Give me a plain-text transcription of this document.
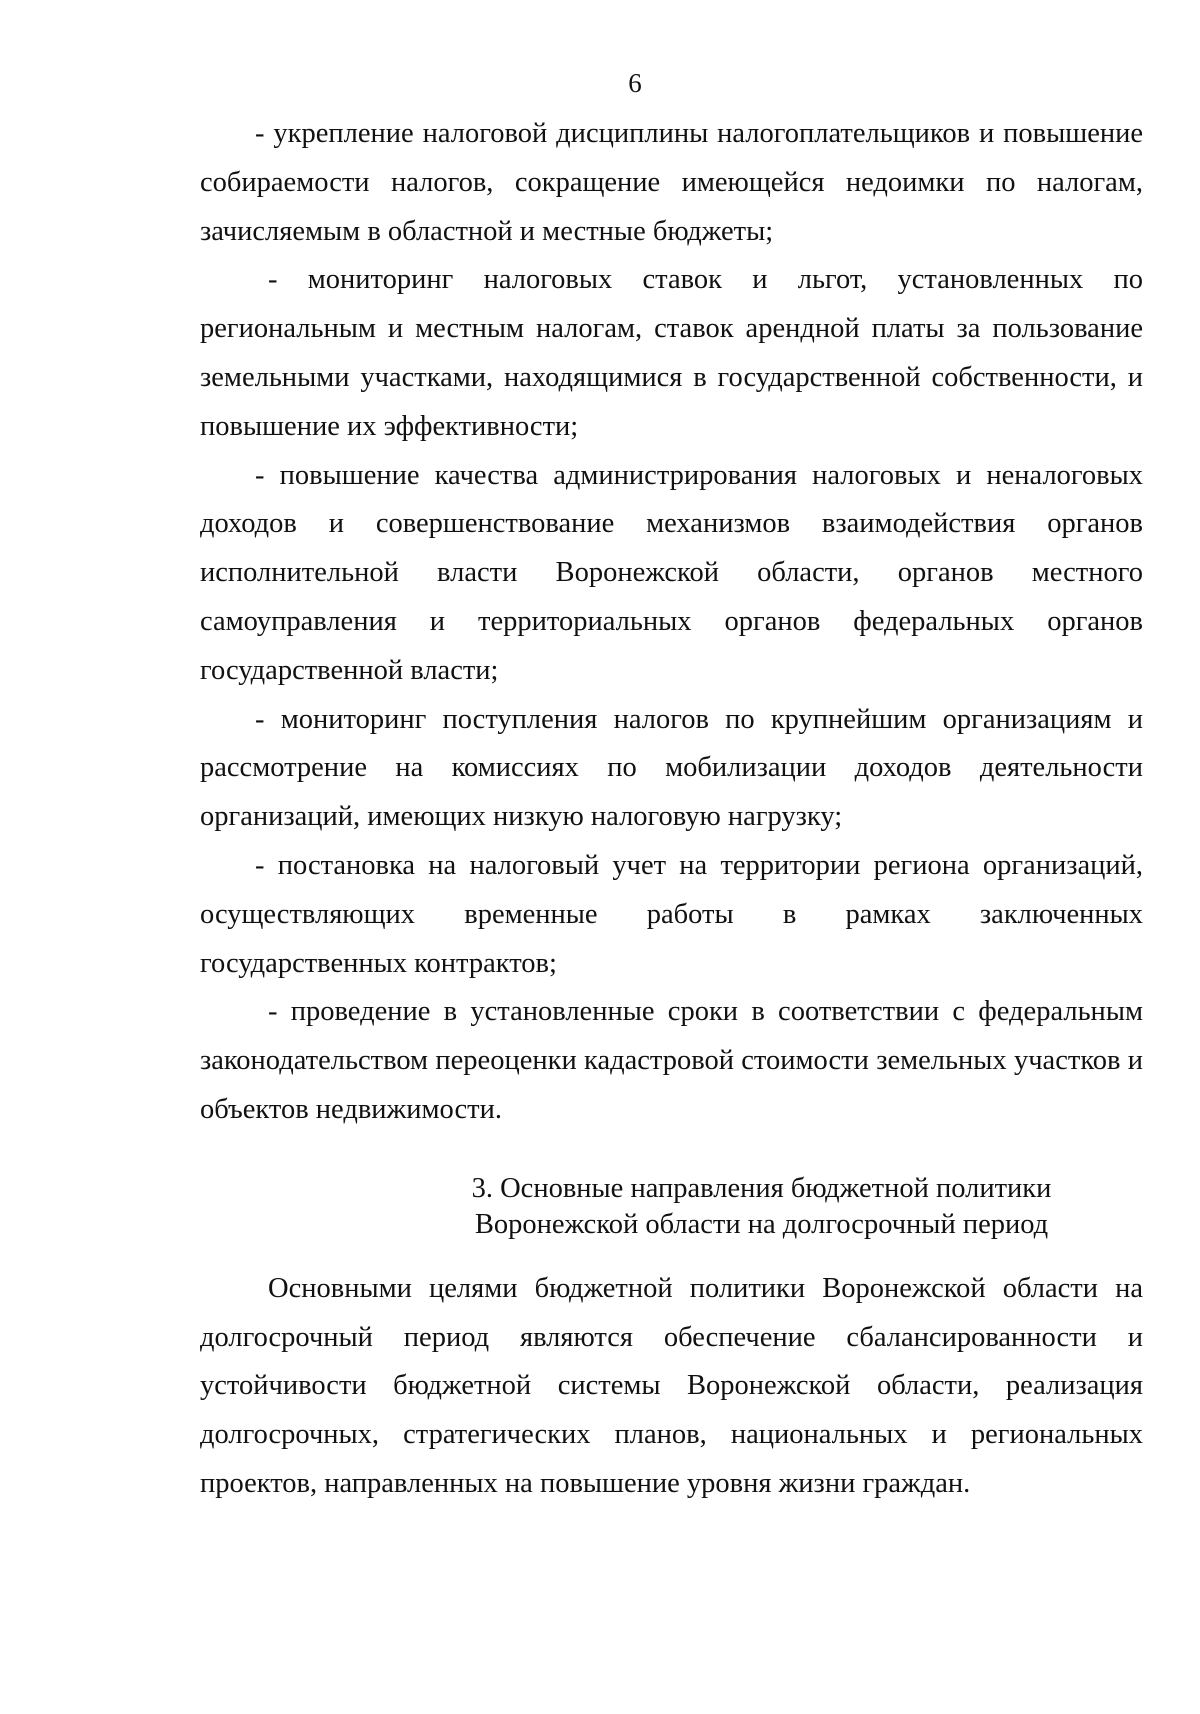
6

- укрепление налоговой дисциплины налогоплательщиков и повышение собираемости налогов, сокращение имеющейся недоимки по налогам, зачисляемым в областной и местные бюджеты;

- мониторинг налоговых ставок и льгот, установленных по региональным и местным налогам, ставок арендной платы за пользование земельными участками, находящимися в государственной собственности, и повышение их эффективности;

- повышение качества администрирования налоговых и неналоговых доходов и совершенствование механизмов взаимодействия органов исполнительной власти Воронежской области, органов местного самоуправления и территориальных органов федеральных органов государственной власти;

- мониторинг поступления налогов по крупнейшим организациям и рассмотрение на комиссиях по мобилизации доходов деятельности организаций, имеющих низкую налоговую нагрузку;

- постановка на налоговый учет на территории региона организаций, осуществляющих временные работы в рамках заключенных государственных контрактов;

- проведение в установленные сроки в соответствии с федеральным законодательством переоценки кадастровой стоимости земельных участков и объектов недвижимости.

3. Основные направления бюджетной политики
Воронежской области на долгосрочный период

Основными целями бюджетной политики Воронежской области на долгосрочный период являются обеспечение сбалансированности и устойчивости бюджетной системы Воронежской области, реализация долгосрочных, стратегических планов, национальных и региональных проектов, направленных на повышение уровня жизни граждан.
